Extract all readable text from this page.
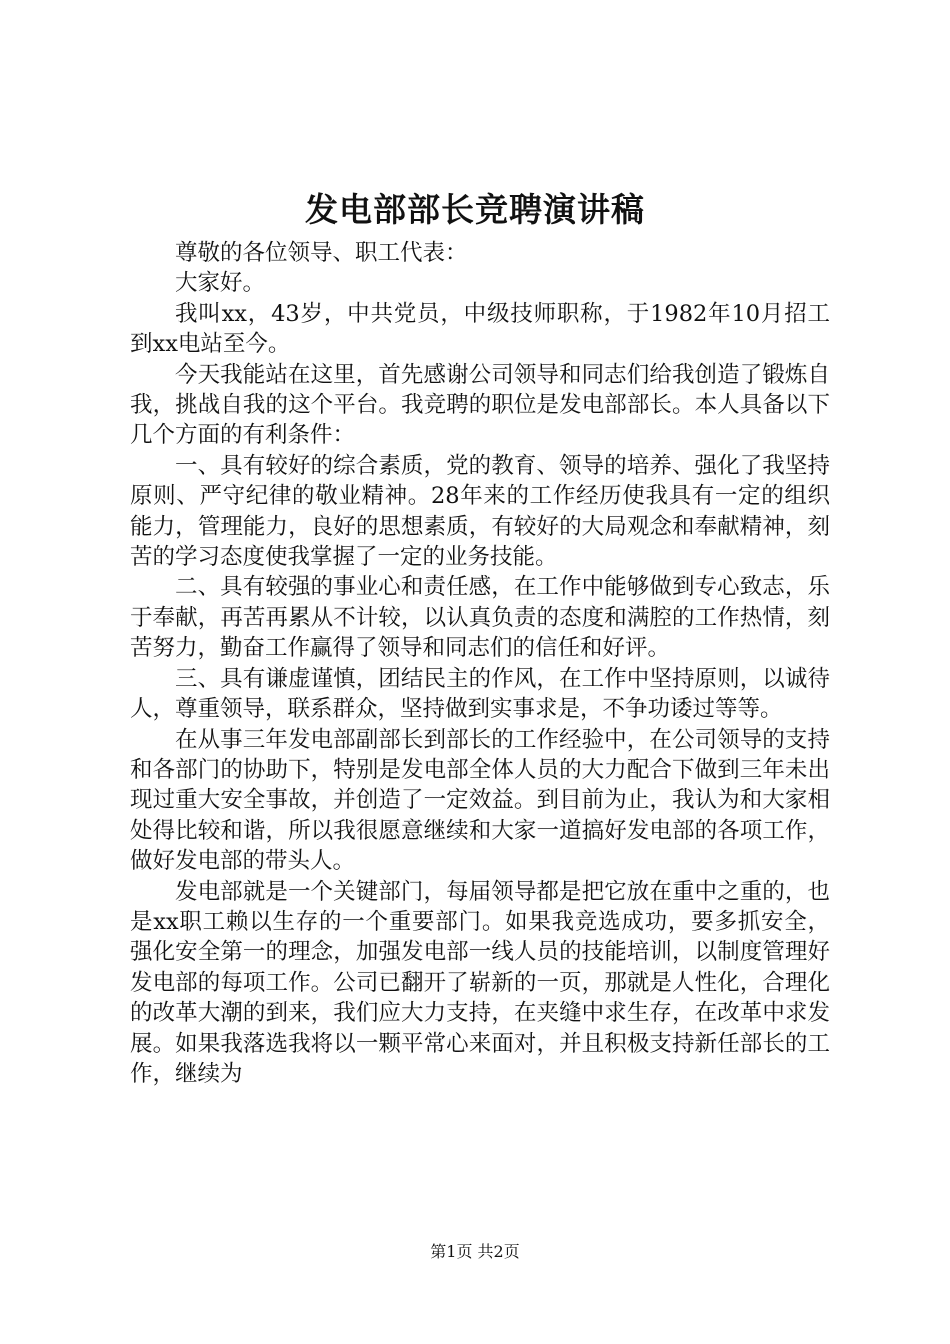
发电部部长竞聘演讲稿

尊敬的各位领导、职工代表：

大家好。

我叫xx，43岁，中共党员，中级技师职称，于1982年10月招工到xx电站至今。

今天我能站在这里，首先感谢公司领导和同志们给我创造了锻炼自我，挑战自我的这个平台。我竞聘的职位是发电部部长。本人具备以下几个方面的有利条件：

一、具有较好的综合素质，党的教育、领导的培养、强化了我坚持原则、严守纪律的敬业精神。28年来的工作经历使我具有一定的组织能力，管理能力，良好的思想素质，有较好的大局观念和奉献精神，刻苦的学习态度使我掌握了一定的业务技能。

二、具有较强的事业心和责任感，在工作中能够做到专心致志，乐于奉献，再苦再累从不计较，以认真负责的态度和满腔的工作热情，刻苦努力，勤奋工作赢得了领导和同志们的信任和好评。

三、具有谦虚谨慎，团结民主的作风，在工作中坚持原则，以诚待人，尊重领导，联系群众，坚持做到实事求是，不争功诿过等等。

在从事三年发电部副部长到部长的工作经验中，在公司领导的支持和各部门的协助下，特别是发电部全体人员的大力配合下做到三年未出现过重大安全事故，并创造了一定效益。到目前为止，我认为和大家相处得比较和谐，所以我很愿意继续和大家一道搞好发电部的各项工作，做好发电部的带头人。

发电部就是一个关键部门，每届领导都是把它放在重中之重的，也是xx职工赖以生存的一个重要部门。如果我竞选成功，要多抓安全，强化安全第一的理念，加强发电部一线人员的技能培训，以制度管理好发电部的每项工作。公司已翻开了崭新的一页，那就是人性化，合理化的改革大潮的到来，我们应大力支持，在夹缝中求生存，在改革中求发展。如果我落选我将以一颗平常心来面对，并且积极支持新任部长的工作，继续为

第1页 共2页
